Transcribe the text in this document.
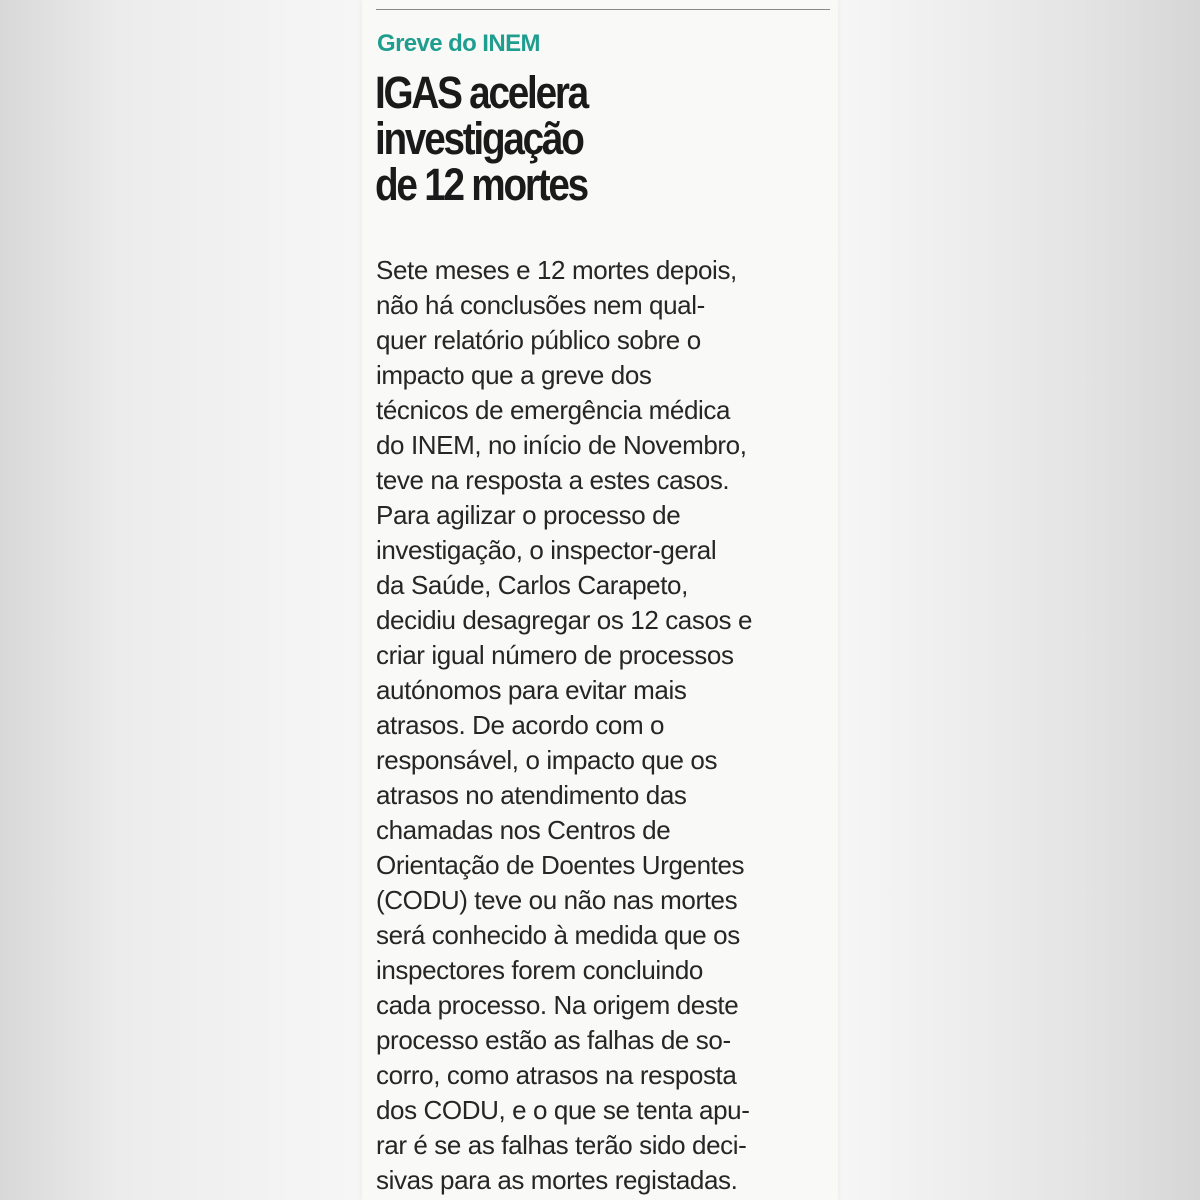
Greve do INEM
IGAS acelera
investigação
de 12 mortes

Sete meses e 12 mortes depois,
não há conclusões nem qual-
quer relatório público sobre o
impacto que a greve dos
técnicos de emergência médica
do INEM, no início de Novembro,
teve na resposta a estes casos.
Para agilizar o processo de
investigação, o inspector-geral
da Saúde, Carlos Carapeto,
decidiu desagregar os 12 casos e
criar igual número de processos
autónomos para evitar mais
atrasos. De acordo com o
responsável, o impacto que os
atrasos no atendimento das
chamadas nos Centros de
Orientação de Doentes Urgentes
(CODU) teve ou não nas mortes
será conhecido à medida que os
inspectores forem concluindo
cada processo. Na origem deste
processo estão as falhas de so-
corro, como atrasos na resposta
dos CODU, e o que se tenta apu-
rar é se as falhas terão sido deci-
sivas para as mortes registadas.
